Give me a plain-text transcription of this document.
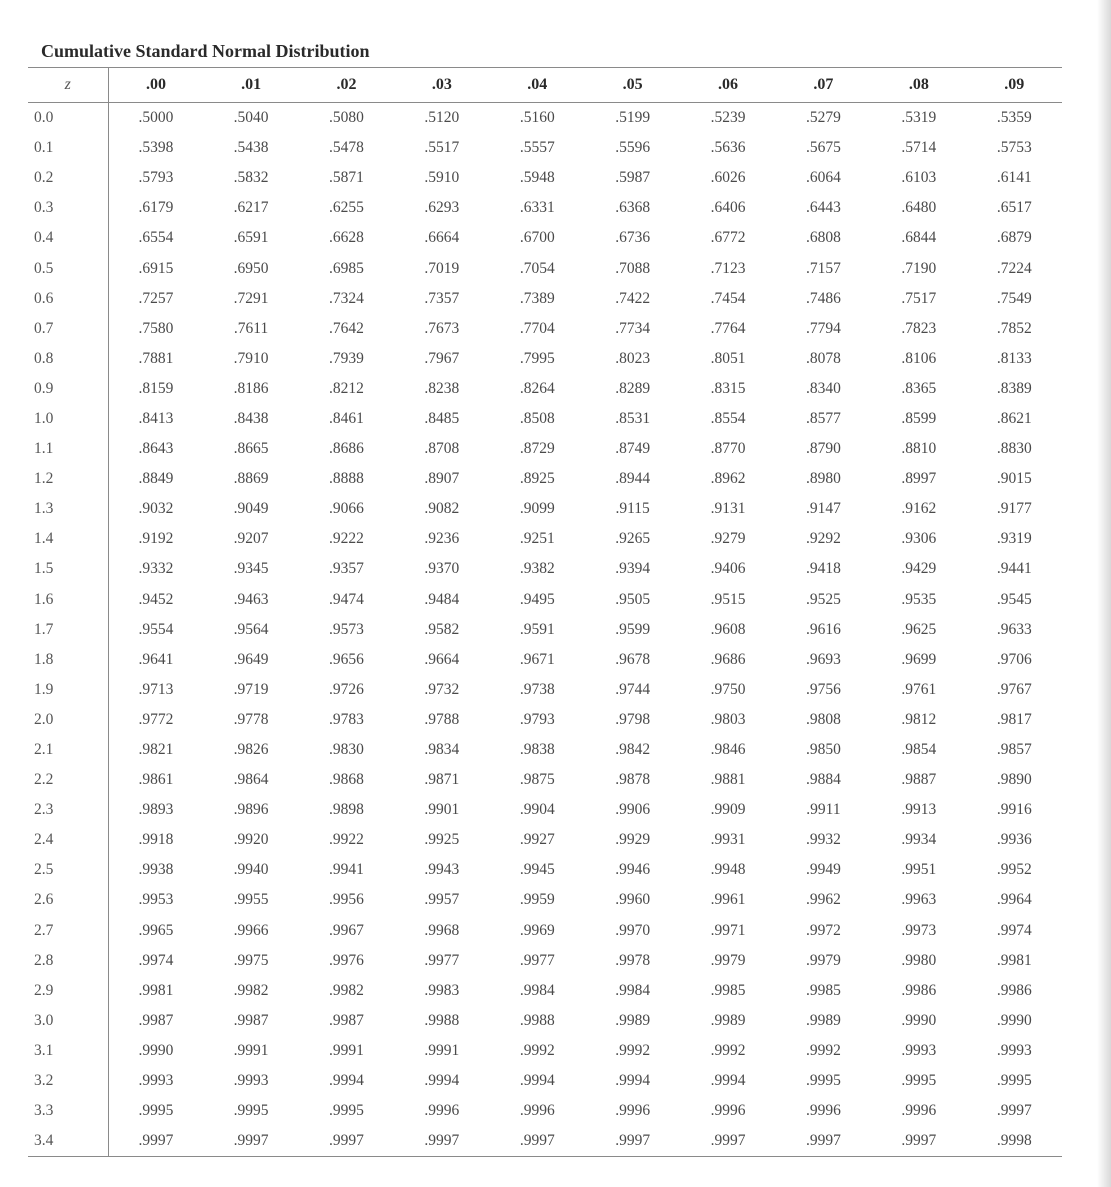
Cumulative Standard Normal Distribution
z	.00	.01	.02	.03	.04	.05	.06	.07	.08	.09
0.0	.5000	.5040	.5080	.5120	.5160	.5199	.5239	.5279	.5319	.5359
0.1	.5398	.5438	.5478	.5517	.5557	.5596	.5636	.5675	.5714	.5753
0.2	.5793	.5832	.5871	.5910	.5948	.5987	.6026	.6064	.6103	.6141
0.3	.6179	.6217	.6255	.6293	.6331	.6368	.6406	.6443	.6480	.6517
0.4	.6554	.6591	.6628	.6664	.6700	.6736	.6772	.6808	.6844	.6879
0.5	.6915	.6950	.6985	.7019	.7054	.7088	.7123	.7157	.7190	.7224
0.6	.7257	.7291	.7324	.7357	.7389	.7422	.7454	.7486	.7517	.7549
0.7	.7580	.7611	.7642	.7673	.7704	.7734	.7764	.7794	.7823	.7852
0.8	.7881	.7910	.7939	.7967	.7995	.8023	.8051	.8078	.8106	.8133
0.9	.8159	.8186	.8212	.8238	.8264	.8289	.8315	.8340	.8365	.8389
1.0	.8413	.8438	.8461	.8485	.8508	.8531	.8554	.8577	.8599	.8621
1.1	.8643	.8665	.8686	.8708	.8729	.8749	.8770	.8790	.8810	.8830
1.2	.8849	.8869	.8888	.8907	.8925	.8944	.8962	.8980	.8997	.9015
1.3	.9032	.9049	.9066	.9082	.9099	.9115	.9131	.9147	.9162	.9177
1.4	.9192	.9207	.9222	.9236	.9251	.9265	.9279	.9292	.9306	.9319
1.5	.9332	.9345	.9357	.9370	.9382	.9394	.9406	.9418	.9429	.9441
1.6	.9452	.9463	.9474	.9484	.9495	.9505	.9515	.9525	.9535	.9545
1.7	.9554	.9564	.9573	.9582	.9591	.9599	.9608	.9616	.9625	.9633
1.8	.9641	.9649	.9656	.9664	.9671	.9678	.9686	.9693	.9699	.9706
1.9	.9713	.9719	.9726	.9732	.9738	.9744	.9750	.9756	.9761	.9767
2.0	.9772	.9778	.9783	.9788	.9793	.9798	.9803	.9808	.9812	.9817
2.1	.9821	.9826	.9830	.9834	.9838	.9842	.9846	.9850	.9854	.9857
2.2	.9861	.9864	.9868	.9871	.9875	.9878	.9881	.9884	.9887	.9890
2.3	.9893	.9896	.9898	.9901	.9904	.9906	.9909	.9911	.9913	.9916
2.4	.9918	.9920	.9922	.9925	.9927	.9929	.9931	.9932	.9934	.9936
2.5	.9938	.9940	.9941	.9943	.9945	.9946	.9948	.9949	.9951	.9952
2.6	.9953	.9955	.9956	.9957	.9959	.9960	.9961	.9962	.9963	.9964
2.7	.9965	.9966	.9967	.9968	.9969	.9970	.9971	.9972	.9973	.9974
2.8	.9974	.9975	.9976	.9977	.9977	.9978	.9979	.9979	.9980	.9981
2.9	.9981	.9982	.9982	.9983	.9984	.9984	.9985	.9985	.9986	.9986
3.0	.9987	.9987	.9987	.9988	.9988	.9989	.9989	.9989	.9990	.9990
3.1	.9990	.9991	.9991	.9991	.9992	.9992	.9992	.9992	.9993	.9993
3.2	.9993	.9993	.9994	.9994	.9994	.9994	.9994	.9995	.9995	.9995
3.3	.9995	.9995	.9995	.9996	.9996	.9996	.9996	.9996	.9996	.9997
3.4	.9997	.9997	.9997	.9997	.9997	.9997	.9997	.9997	.9997	.9998
